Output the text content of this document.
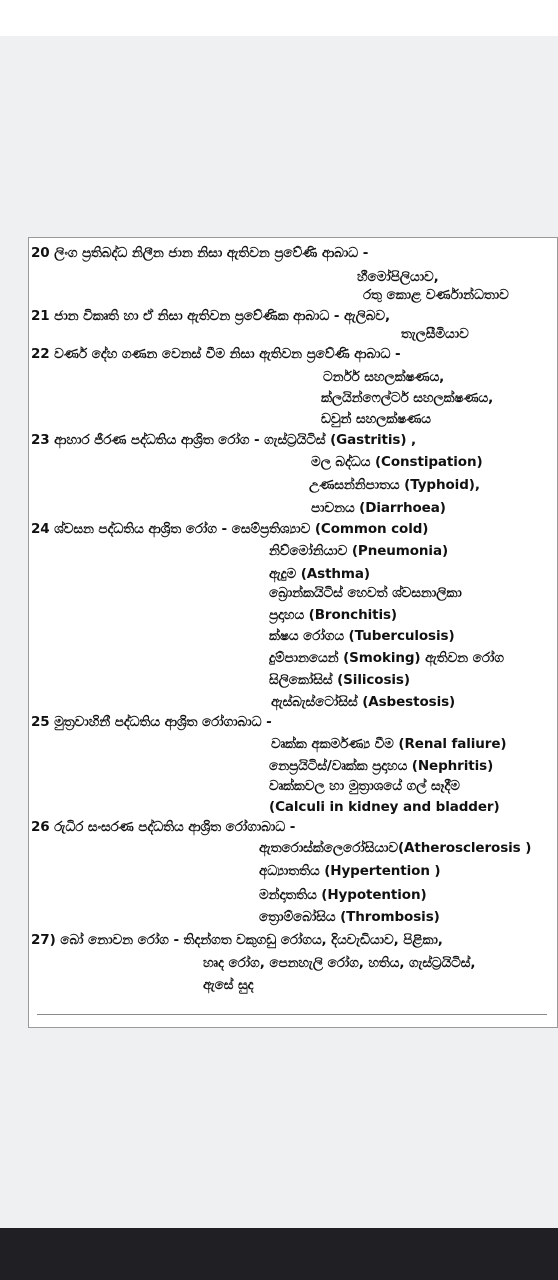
20 ලිංග ප්‍රතිබද්ධ නිලීන ජාන නිසා ඇතිවන ප්‍රවේණි ආබාධ -
හීමෝපිලියාව,
රතු කොළ වර්ණාන්ධතාව
21 ජාන විකෘති හා ඒ නිසා ඇතිවන ප්‍රවේණික ආබාධ - ඇලිබව,
තැලසීමියාව
22 වර්ණ දේහ ගණන වෙනස් වීම නිසා ඇතිවන ප්‍රවේණි ආබාධ -
ටර්නර් සහලක්ෂණය,
ක්ලයින්ෆෙල්ටර් සහලක්ෂණය,
ඩවුන් සහලක්ෂණය
23 ආහාර ජීරණ පද්ධතිය ආශ්‍රිත රෝග - ගැස්ට්‍රයිටිස් (Gastritis) ,
මල බද්ධය (Constipation)
උණසන්නිපාතය (Typhoid),
පාචනය (Diarrhoea)
24 ශ්වසන පද්ධතිය ආශ්‍රිත රෝග - සෙම්ප්‍රතිශ්‍යාව (Common cold)
නිව්මෝනියාව (Pneumonia)
ඇදුම (Asthma)
බ්‍රොන්කයිටිස් හෙවත් ශ්වසනාලිකා
ප්‍රදාහය (Bronchitis)
ක්ෂය රෝගය (Tuberculosis)
දුම්පානයෙන් (Smoking) ඇතිවන රෝග
සිලිකෝසිස් (Silicosis)
ඇස්බැස්ටෝසිස් (Asbestosis)
25 මුත්‍රවාහිනී පද්ධතිය ආශ්‍රිත රෝගාබාධ -
වෘක්ක අකර්මණ්‍ය වීම (Renal faliure)
නෙප්‍රයිටිස්/වෘක්ක ප්‍රදාහය (Nephritis)
වෘක්කවල හා මුත්‍රාශයේ ගල් සෑදීම
(Calculi in kidney and bladder)
26 රුධිර සංසරණ පද්ධතිය ආශ්‍රිත රෝගාබාධ -
ඇතරොස්ක්ලෙරෝසියාව(Atherosclerosis )
අධ්‍යාතතිය (Hypertention )
මන්දාතතිය (Hypotention)
ත්‍රොම්බෝසිය (Thrombosis)
27) බෝ නොවන රෝග - තිදන්ගත වකුගඩු රෝගය, දියවැඩියාව, පිළිකා,
හෘද රෝග, පෙනහැලි රෝග, හතිය, ගැස්ට්‍රයිටිස්,
ඇසේ සුද
